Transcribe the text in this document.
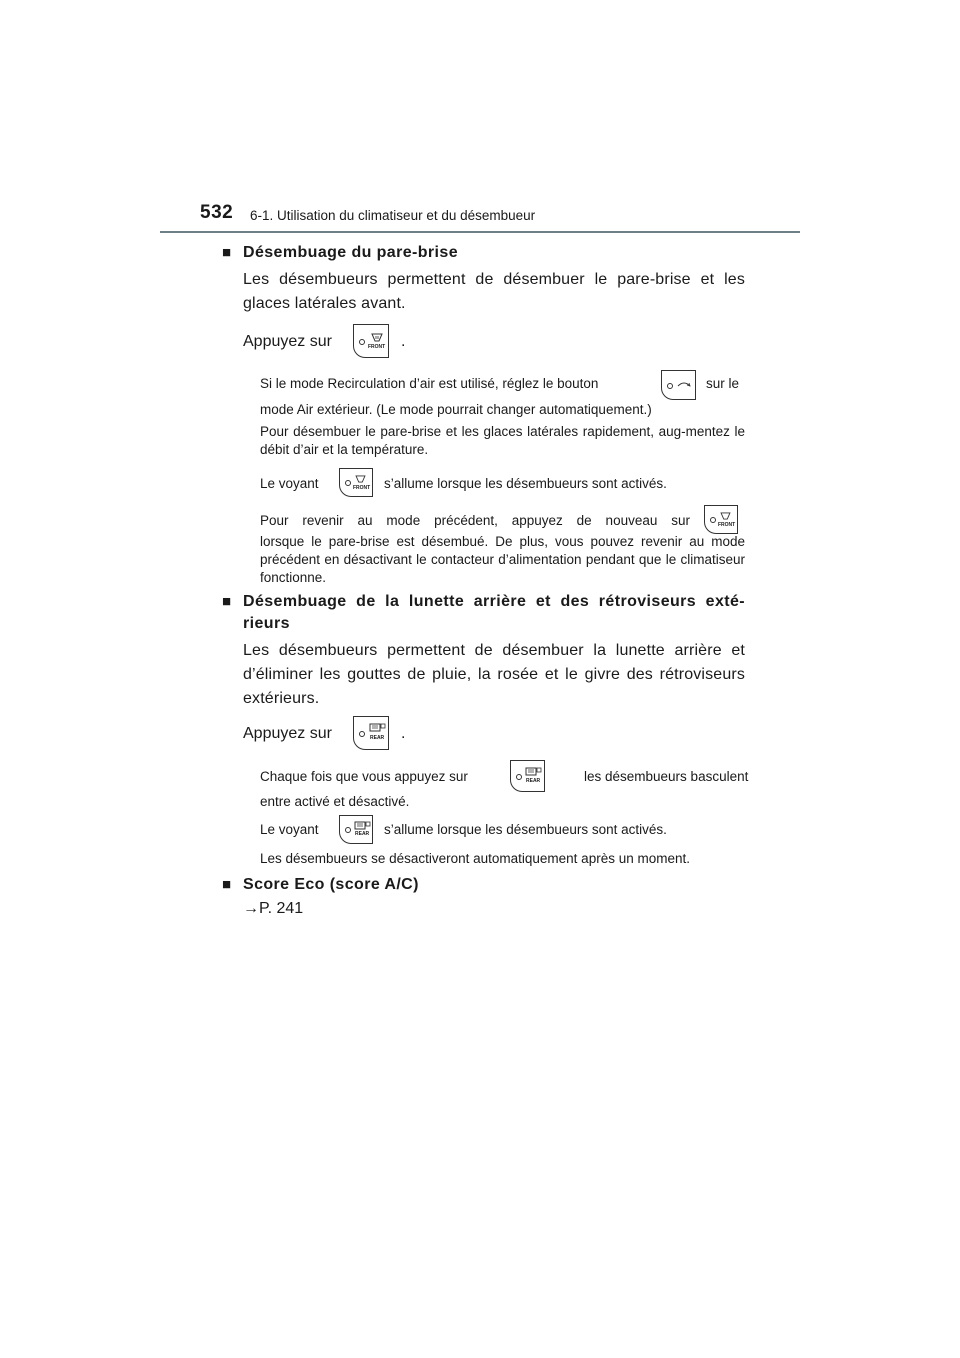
532 6-1. Utilisation du climatiseur et du désembueur
■ Désembuage du pare-brise
Les désembueurs permettent de désembuer le pare-brise et les
glaces latérales avant.
Appuyez sur	FRONT .
Si le mode Recirculation d’air est utilisé, réglez le bouton	sur le
mode Air extérieur. (Le mode pourrait changer automatiquement.)
Pour désembuer le pare-brise et les glaces latérales rapidement, aug-mentez le débit d’air et la température.
Le voyant	FRONT s’allume lorsque les désembueurs sont activés.
Pour revenir au mode précédent, appuyez de nouveau sur	FRONT
lorsque le pare-brise est désembué. De plus, vous pouvez revenir au mode précédent en désactivant le contacteur d’alimentation pendant que le climatiseur fonctionne.
■ Désembuage de la lunette arrière et des rétroviseurs exté-
rieurs
Les désembueurs permettent de désembuer la lunette arrière et d’éliminer les gouttes de pluie, la rosée et le givre des rétroviseurs extérieurs.
Appuyez sur	REAR .
Chaque fois que vous appuyez sur	REAR	les désembueurs basculent
entre activé et désactivé.
Le voyant	REAR s’allume lorsque les désembueurs sont activés.
Les désembueurs se désactiveront automatiquement après un moment.
■ Score Eco (score A/C)
→P. 241
